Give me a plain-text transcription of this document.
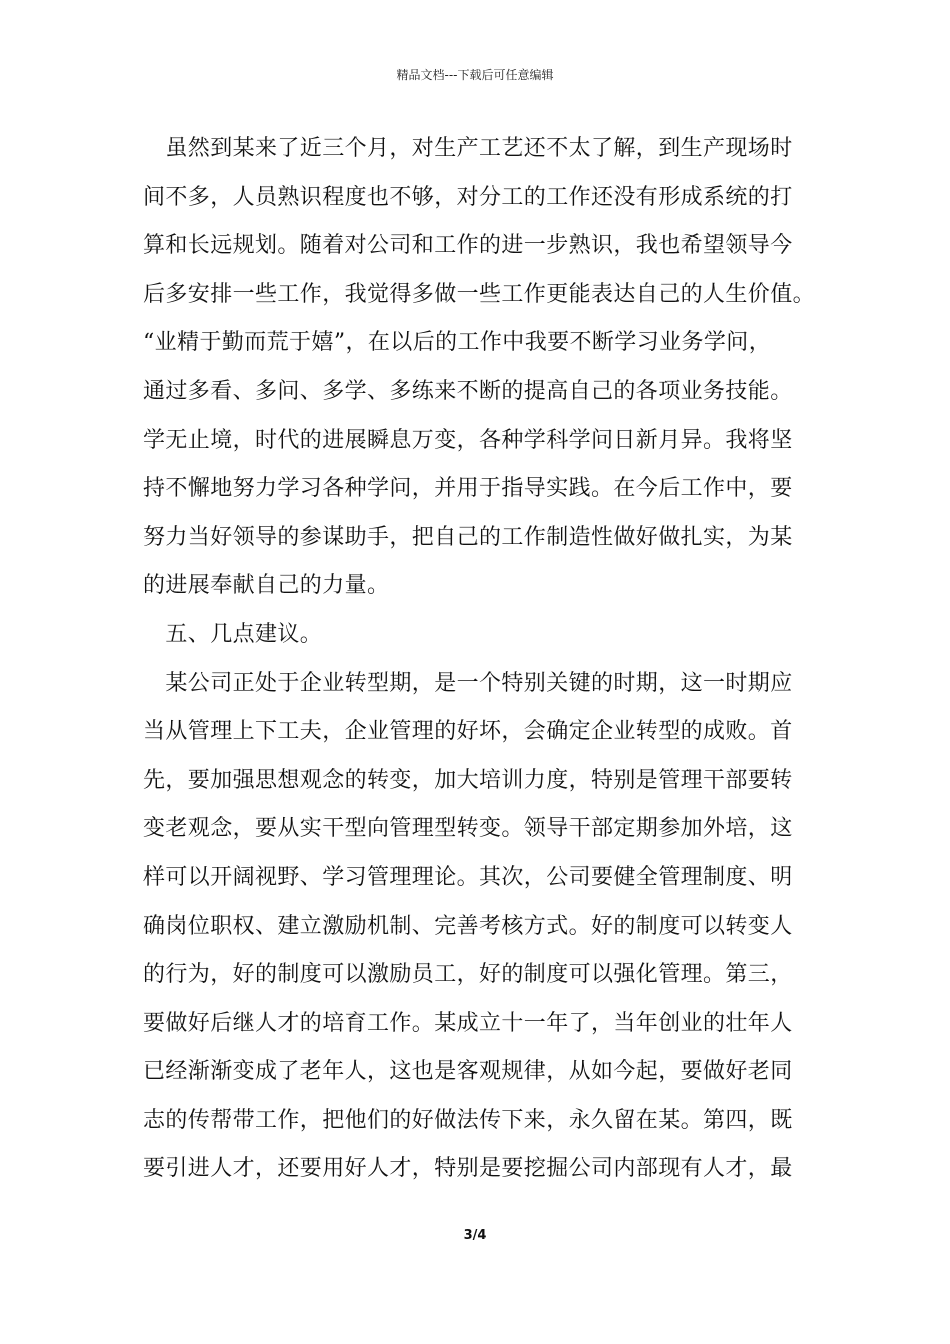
精品文档---下载后可任意编辑
　虽然到某来了近三个月，对生产工艺还不太了解，到生产现场时
间不多，人员熟识程度也不够，对分工的工作还没有形成系统的打
算和长远规划。随着对公司和工作的进一步熟识，我也希望领导今
后多安排一些工作，我觉得多做一些工作更能表达自己的人生价值。
“业精于勤而荒于嬉”，在以后的工作中我要不断学习业务学问，
通过多看、多问、多学、多练来不断的提高自己的各项业务技能。
学无止境，时代的进展瞬息万变，各种学科学问日新月异。我将坚
持不懈地努力学习各种学问，并用于指导实践。在今后工作中，要
努力当好领导的参谋助手，把自己的工作制造性做好做扎实，为某
的进展奉献自己的力量。
　五、几点建议。
　某公司正处于企业转型期，是一个特别关键的时期，这一时期应
当从管理上下工夫，企业管理的好坏，会确定企业转型的成败。首
先，要加强思想观念的转变，加大培训力度，特别是管理干部要转
变老观念，要从实干型向管理型转变。领导干部定期参加外培，这
样可以开阔视野、学习管理理论。其次，公司要健全管理制度、明
确岗位职权、建立激励机制、完善考核方式。好的制度可以转变人
的行为，好的制度可以激励员工，好的制度可以强化管理。第三，
要做好后继人才的培育工作。某成立十一年了，当年创业的壮年人
已经渐渐变成了老年人，这也是客观规律，从如今起，要做好老同
志的传帮带工作，把他们的好做法传下来，永久留在某。第四，既
要引进人才，还要用好人才，特别是要挖掘公司内部现有人才，最
3/4
